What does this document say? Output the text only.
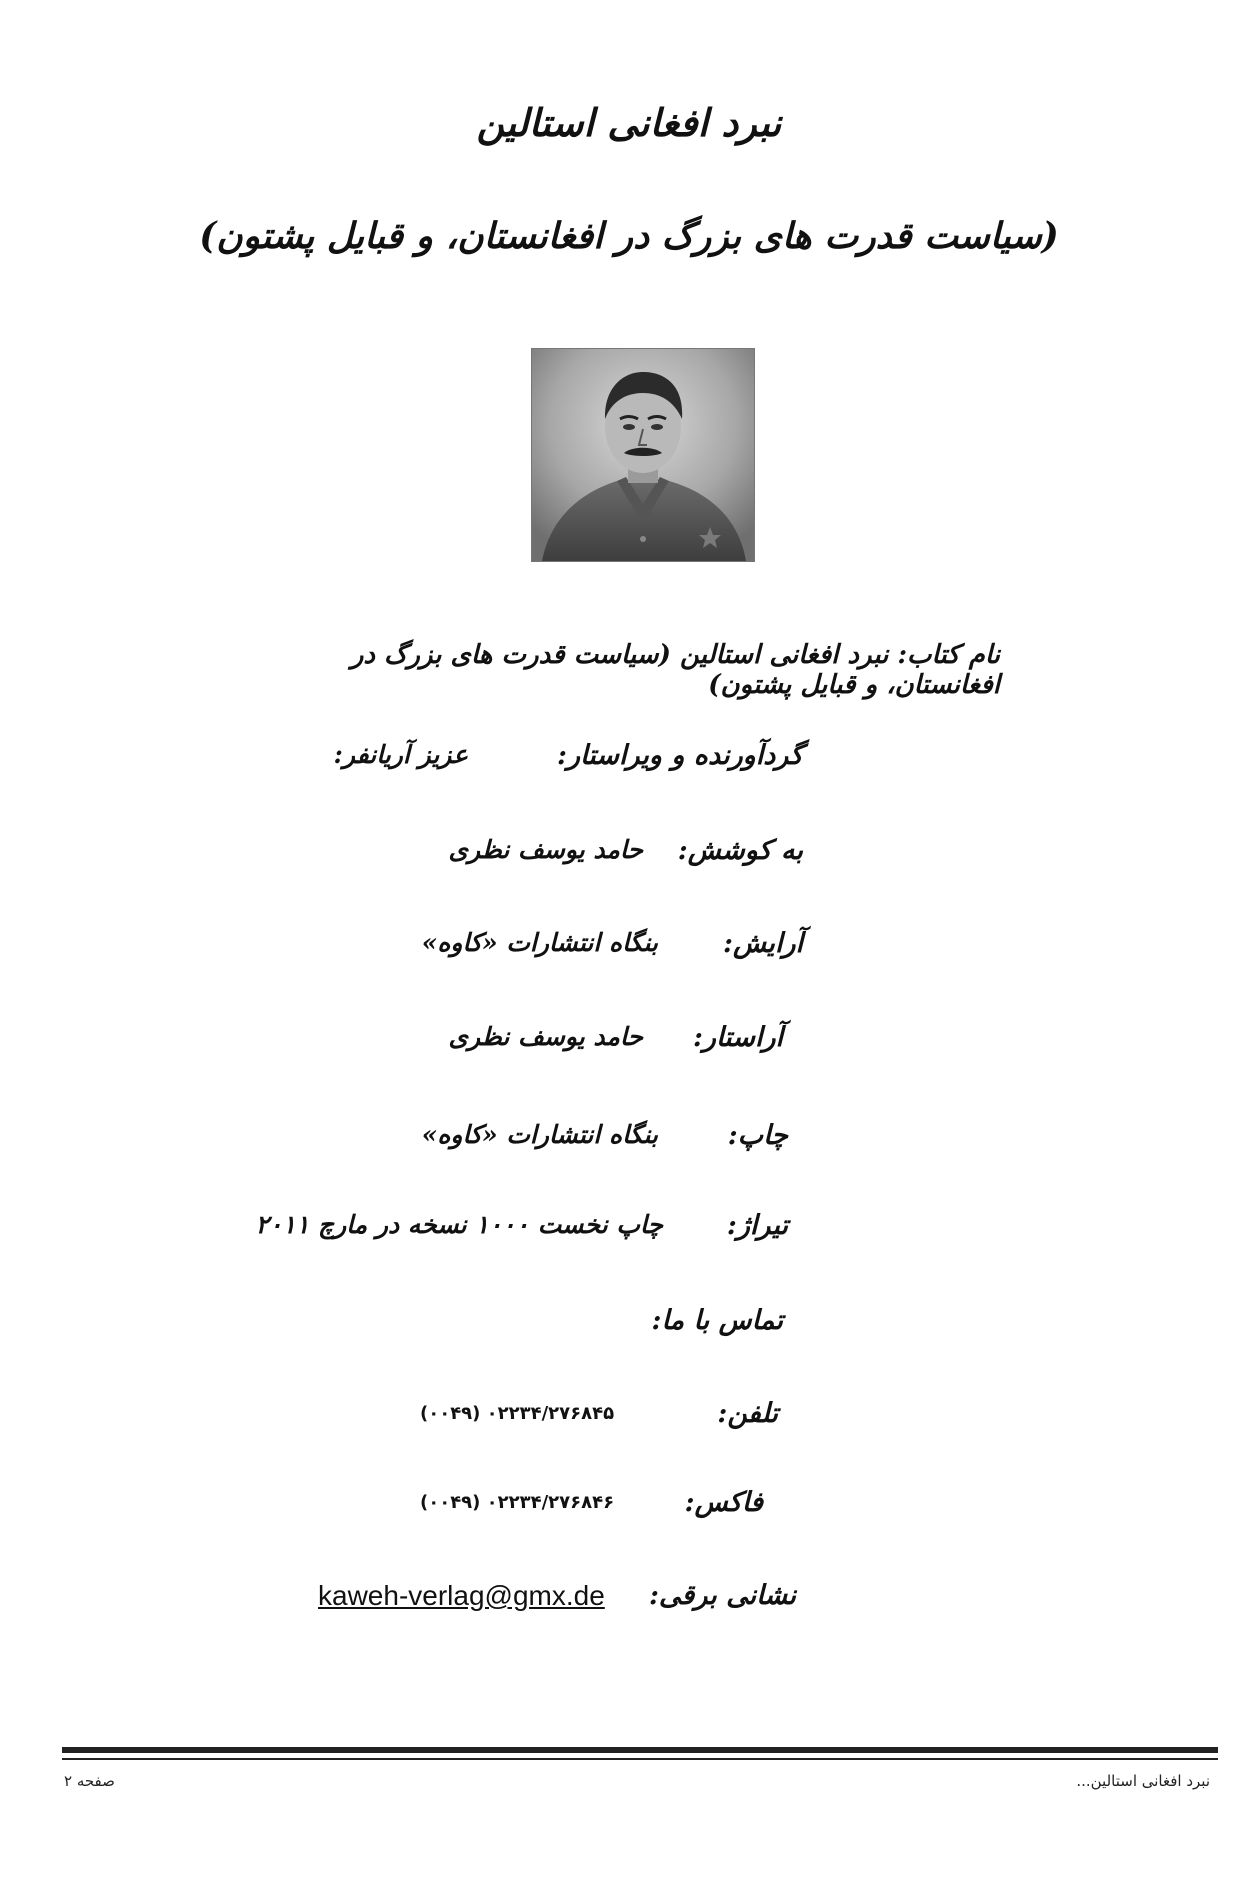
نبرد افغانی استالین
(سیاست قدرت های بزرگ در افغانستان، و قبایل پشتون)
نام کتاب: نبرد افغانی استالین (سیاست قدرت های بزرگ در افغانستان، و قبایل پشتون)
گردآورنده و ویراستار:
عزیز آریانفر:
به کوشش:
حامد یوسف نظری
آرایش:
بنگاه انتشارات «کاوه»
آراستار:
حامد یوسف نظری
چاپ:
بنگاه انتشارات «کاوه»
تیراژ:
چاپ نخست ۱۰۰۰ نسخه در مارچ ۲۰۱۱
تماس با ما:
تلفن:
(۰۰۴۹) ۰۲۲۳۴/۲۷۶۸۴۵
فاکس:
(۰۰۴۹) ۰۲۲۳۴/۲۷۶۸۴۶
نشانی برقی:
kaweh-verlag@gmx.de
صفحه ۲	نبرد افغانی استالین...
